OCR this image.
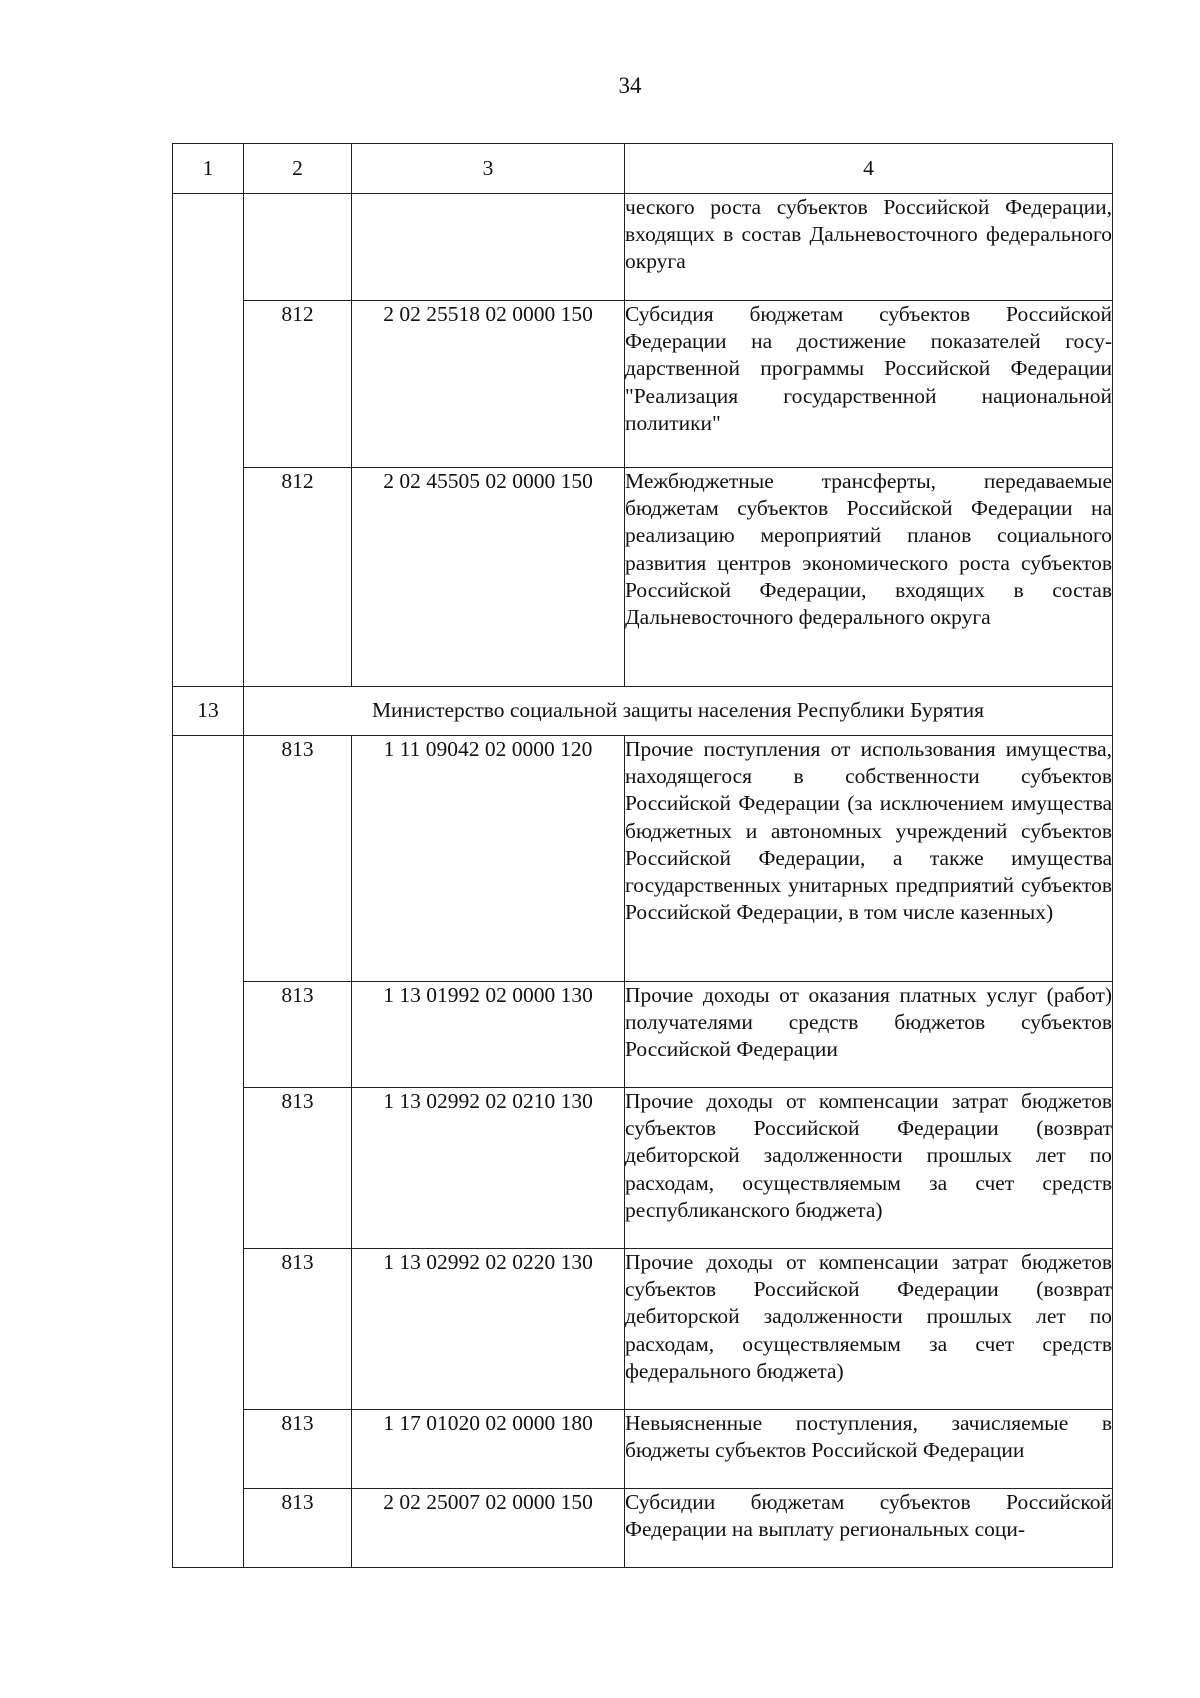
34
1	2	3	4
			ческого роста субъектов Российской Федерации, входящих в состав Дальневосточного федерального округа
	812	2 02 25518 02 0000 150	Субсидия бюджетам субъектов Российской Федерации на достижение показателей государственной программы Российской Федерации "Реализация государственной национальной политики"
	812	2 02 45505 02 0000 150	Межбюджетные трансферты, передаваемые бюджетам субъектов Российской Федерации на реализацию мероприятий планов социального развития центров экономического роста субъектов Российской Федерации, входящих в состав Дальневосточного федерального округа
13	Министерство социальной защиты населения Республики Бурятия		
	813	1 11 09042 02 0000 120	Прочие поступления от использования имущества, находящегося в собственности субъектов Российской Федерации (за исключением имущества бюджетных и автономных учреждений субъектов Российской Федерации, а также имущества государственных унитарных предприятий субъектов Российской Федерации, в том числе казенных)
	813	1 13 01992 02 0000 130	Прочие доходы от оказания платных услуг (работ) получателями средств бюджетов субъектов Российской Федерации
	813	1 13 02992 02 0210 130	Прочие доходы от компенсации затрат бюджетов субъектов Российской Федерации (возврат дебиторской задолженности прошлых лет по расходам, осуществляемым за счет средств республиканского бюджета)
	813	1 13 02992 02 0220 130	Прочие доходы от компенсации затрат бюджетов субъектов Российской Федерации (возврат дебиторской задолженности прошлых лет по расходам, осуществляемым за счет средств федерального бюджета)
	813	1 17 01020 02 0000 180	Невыясненные поступления, зачисляемые в бюджеты субъектов Российской Федерации
	813	2 02 25007 02 0000 150	Субсидии бюджетам субъектов Российской Федерации на выплату региональных соци-
